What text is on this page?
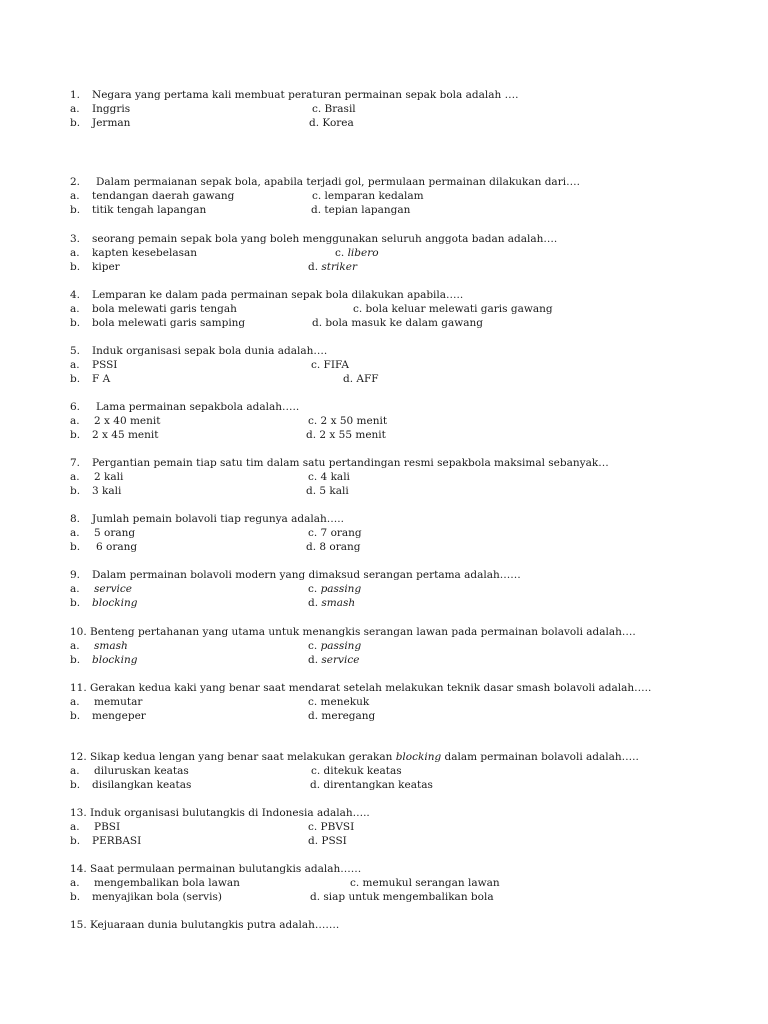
1. Negara yang pertama kali membuat peraturan permainan sepak bola adalah ….
a. Inggris	c. Brasil
b. Jerman	d. Korea
2. Dalam permaianan sepak bola, apabila terjadi gol, permulaan permainan dilakukan dari….
a. tendangan daerah gawang	c. lemparan kedalam
b. titik tengah lapangan	d. tepian lapangan
3. seorang pemain sepak bola yang boleh menggunakan seluruh anggota badan adalah….
a. kapten kesebelasan	c. libero
b. kiper	d. striker
4. Lemparan ke dalam pada permainan sepak bola dilakukan apabila…..
a. bola melewati garis tengah	c. bola keluar melewati garis gawang
b. bola melewati garis samping	d. bola masuk ke dalam gawang
5. Induk organisasi sepak bola dunia adalah….
a. PSSI	c. FIFA
b. F A	d. AFF
6. Lama permainan sepakbola adalah…..
a. 2 x 40 menit	c. 2 x 50 menit
b. 2 x 45 menit	d. 2 x 55 menit
7. Pergantian pemain tiap satu tim dalam satu pertandingan resmi sepakbola maksimal sebanyak…
a. 2 kali	c. 4 kali
b. 3 kali	d. 5 kali
8. Jumlah pemain bolavoli tiap regunya adalah…..
a. 5 orang	c. 7 orang
b. 6 orang	d. 8 orang
9. Dalam permainan bolavoli modern yang dimaksud serangan pertama adalah……
a. service	c. passing
b. blocking	d. smash
10. Benteng pertahanan yang utama untuk menangkis serangan lawan pada permainan bolavoli adalah….
a. smash	c. passing
b. blocking	d. service
11. Gerakan kedua kaki yang benar saat mendarat setelah melakukan teknik dasar smash bolavoli adalah…..
a. memutar	c. menekuk
b. mengeper	d. meregang
12. Sikap kedua lengan yang benar saat melakukan gerakan blocking dalam permainan bolavoli adalah…..
a. diluruskan keatas	c. ditekuk keatas
b. disilangkan keatas	d. direntangkan keatas
13. Induk organisasi bulutangkis di Indonesia adalah…..
a. PBSI	c. PBVSI
b. PERBASI	d. PSSI
14. Saat permulaan permainan bulutangkis adalah……
a. mengembalikan bola lawan	c. memukul serangan lawan
b. menyajikan bola (servis)	d. siap untuk mengembalikan bola
15. Kejuaraan dunia bulutangkis putra adalah…….
